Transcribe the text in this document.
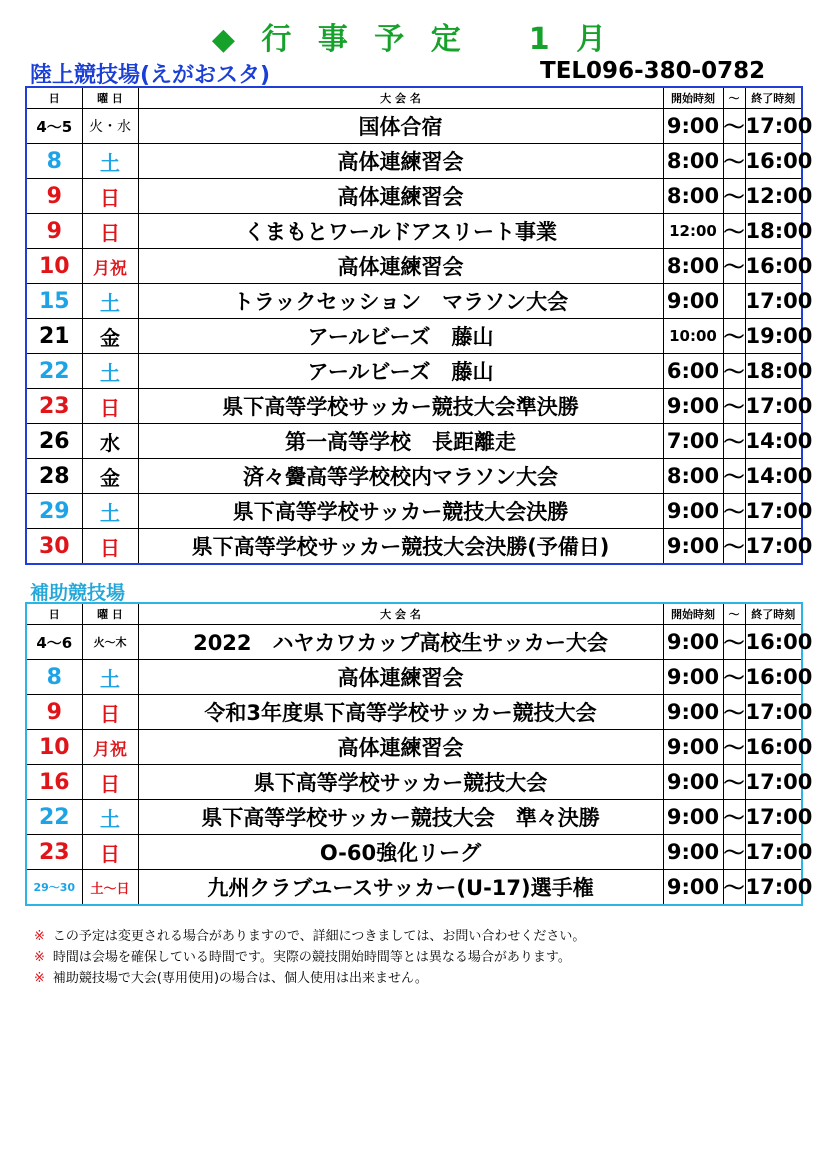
◆ 行 事 予 定 1 月
陸上競技場(えがおスタ)	TEL096-380-0782
日	曜 日	大 会 名	開始時刻	～	終了時刻
4～5	火・水	国体合宿	9:00	～	17:00
8	土	高体連練習会	8:00	～	16:00
9	日	高体連練習会	8:00	～	12:00
9	日	くまもとワールドアスリート事業	12:00	～	18:00
10	月祝	高体連練習会	8:00	～	16:00
15	土	トラックセッション　マラソン大会	9:00		17:00
21	金	アールビーズ　藤山	10:00	～	19:00
22	土	アールビーズ　藤山	6:00	～	18:00
23	日	県下高等学校サッカー競技大会準決勝	9:00	～	17:00
26	水	第一高等学校　長距離走	7:00	～	14:00
28	金	済々黌高等学校校内マラソン大会	8:00	～	14:00
29	土	県下高等学校サッカー競技大会決勝	9:00	～	17:00
30	日	県下高等学校サッカー競技大会決勝(予備日)	9:00	～	17:00
補助競技場
日	曜 日	大 会 名	開始時刻	～	終了時刻
4～6	火～木	2022　ハヤカワカップ高校生サッカー大会	9:00	～	16:00
8	土	高体連練習会	9:00	～	16:00
9	日	令和3年度県下高等学校サッカー競技大会	9:00	～	17:00
10	月祝	高体連練習会	9:00	～	16:00
16	日	県下高等学校サッカー競技大会	9:00	～	17:00
22	土	県下高等学校サッカー競技大会　準々決勝	9:00	～	17:00
23	日	O-60強化リーグ	9:00	～	17:00
29～30	土～日	九州クラブユースサッカー(U-17)選手権	9:00	～	17:00
※ この予定は変更される場合がありますので、詳細につきましては、お問い合わせください。
※ 時間は会場を確保している時間です。実際の競技開始時間等とは異なる場合があります。
※ 補助競技場で大会(専用使用)の場合は、個人使用は出来ません。
